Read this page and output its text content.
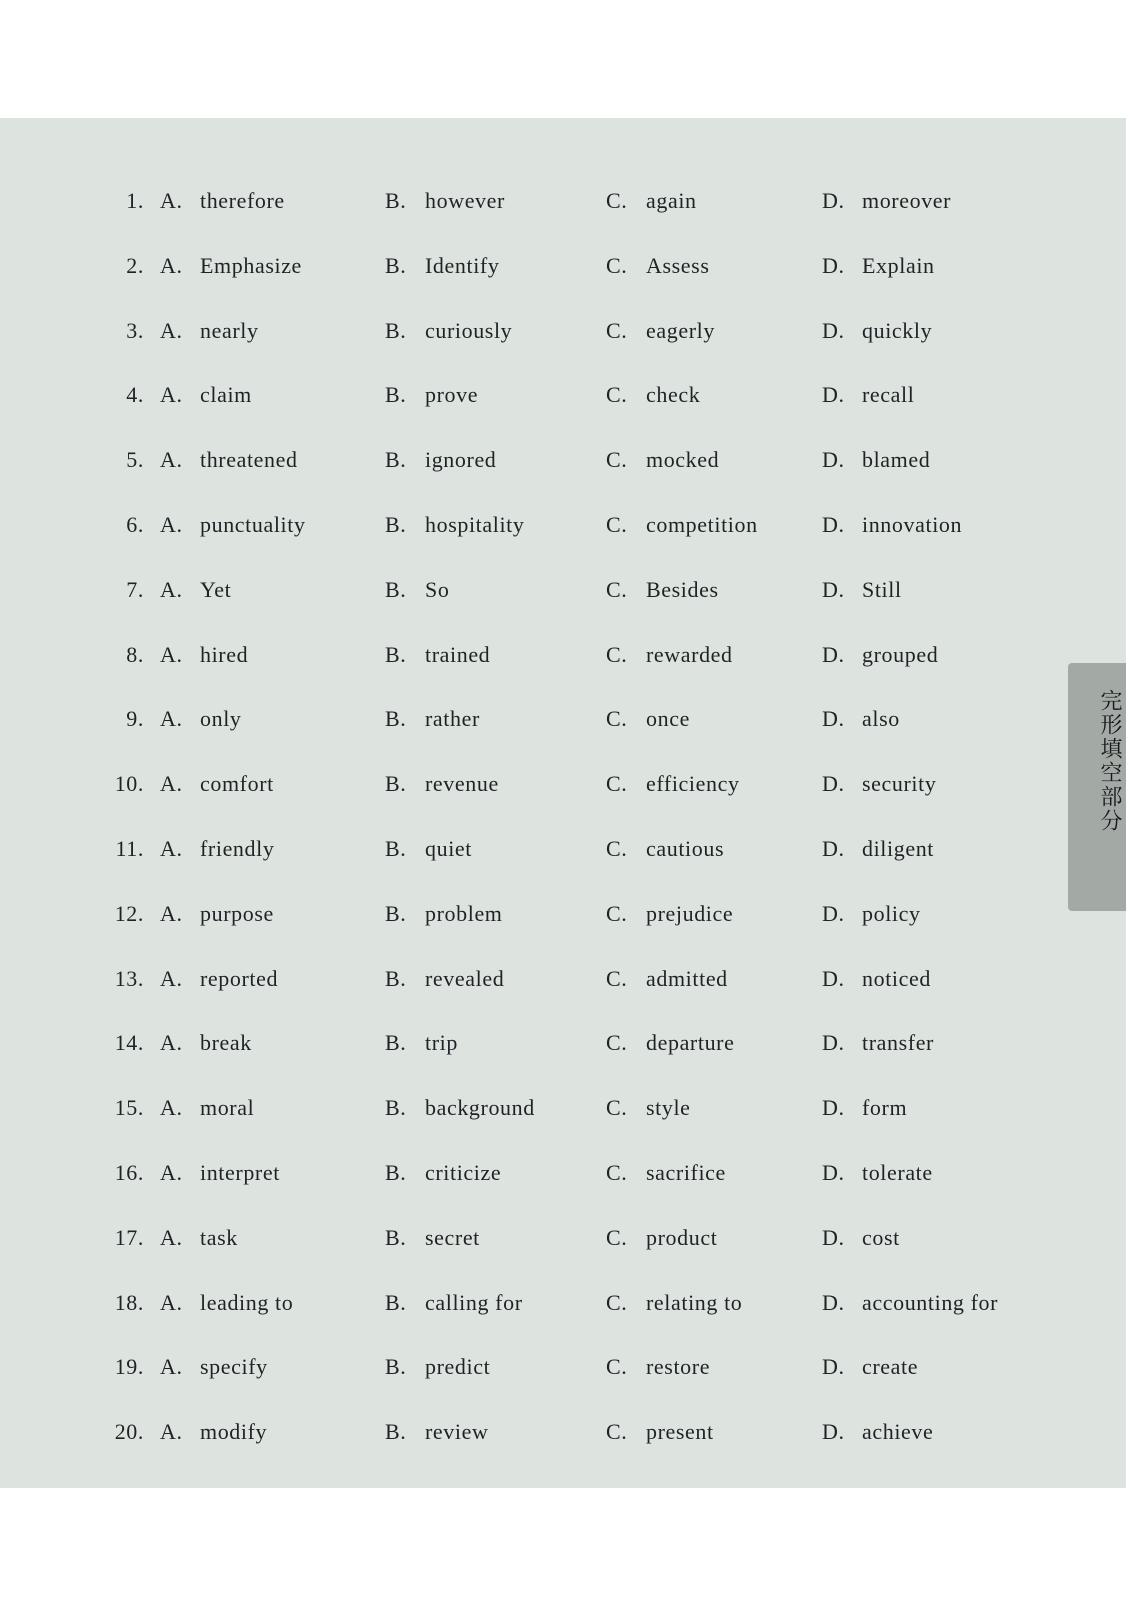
1. A. therefore	B. however	C. again	D. moreover
2. A. Emphasize	B. Identify	C. Assess	D. Explain
3. A. nearly	B. curiously	C. eagerly	D. quickly
4. A. claim	B. prove	C. check	D. recall
5. A. threatened	B. ignored	C. mocked	D. blamed
6. A. punctuality	B. hospitality	C. competition	D. innovation
7. A. Yet	B. So	C. Besides	D. Still
8. A. hired	B. trained	C. rewarded	D. grouped
9. A. only	B. rather	C. once	D. also
10. A. comfort	B. revenue	C. efficiency	D. security
11. A. friendly	B. quiet	C. cautious	D. diligent
12. A. purpose	B. problem	C. prejudice	D. policy
13. A. reported	B. revealed	C. admitted	D. noticed
14. A. break	B. trip	C. departure	D. transfer
15. A. moral	B. background	C. style	D. form
16. A. interpret	B. criticize	C. sacrifice	D. tolerate
17. A. task	B. secret	C. product	D. cost
18. A. leading to	B. calling for	C. relating to	D. accounting for
19. A. specify	B. predict	C. restore	D. create
20. A. modify	B. review	C. present	D. achieve

完形填空部分
